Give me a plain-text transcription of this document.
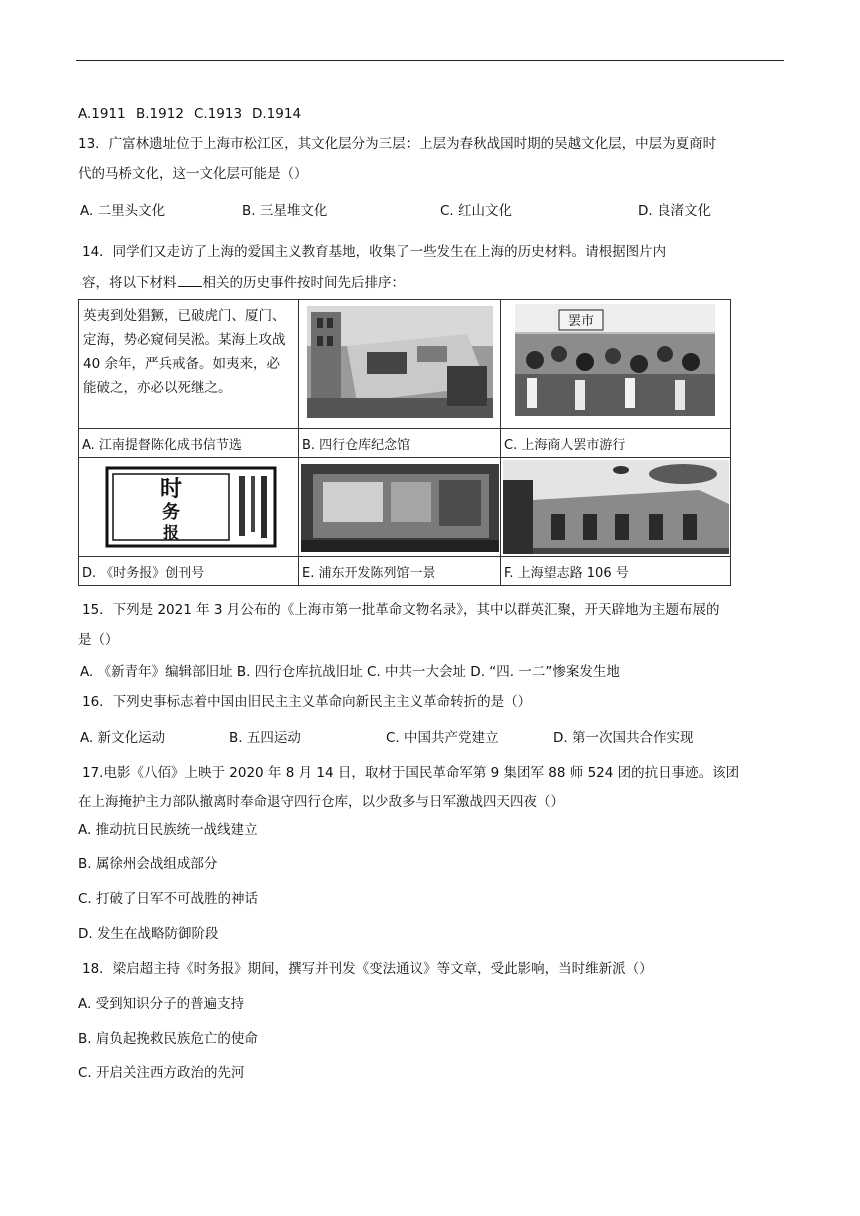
A.1911 B.1912 C.1913 D.1914
13．广富林遗址位于上海市松江区，其文化层分为三层：上层为春秋战国时期的吴越文化层，中层为夏商时
代的马桥文化，这一文化层可能是（）
A. 二里头文化	B. 三星堆文化	C. 红山文化	D. 良渚文化
14．同学们又走访了上海的爱国主义教育基地，收集了一些发生在上海的历史材料。请根据图片内
容，将以下材料 相关的历史事件按时间先后排序：
英夷到处猖獗，已破虎门、厦门、
定海，势必窥伺吴淞。某海上攻战
40 余年，严兵戒备。如夷来，必
能破之，亦必以死继之。		罢市

A. 江南提督陈化成书信节选	B. 四行仓库纪念馆	C. 上海商人罢市游行

时
务
报

D. 《时务报》创刊号	E. 浦东开发陈列馆一景	F. 上海望志路 106 号
15．下列是 2021 年 3 月公布的《上海市第一批革命文物名录》，其中以群英汇聚，开天辟地为主题布展的
是（）
A. 《新青年》编辑部旧址 B. 四行仓库抗战旧址 C. 中共一大会址 D. “四. 一二”惨案发生地
16．下列史事标志着中国由旧民主主义革命向新民主主义革命转折的是（）
A. 新文化运动	B. 五四运动	C. 中国共产党建立	D. 第一次国共合作实现
17.电影《八佰》上映于 2020 年 8 月 14 日，取材于国民革命军第 9 集团军 88 师 524 团的抗日事迹。该团
在上海掩护主力部队撤离时奉命退守四行仓库，以少敌多与日军激战四天四夜（）
A. 推动抗日民族统一战线建立
B. 属徐州会战组成部分
C. 打破了日军不可战胜的神话
D. 发生在战略防御阶段
18．梁启超主持《时务报》期间，撰写并刊发《变法通议》等文章，受此影响，当时维新派（）
A. 受到知识分子的普遍支持
B. 肩负起挽救民族危亡的使命
C. 开启关注西方政治的先河
